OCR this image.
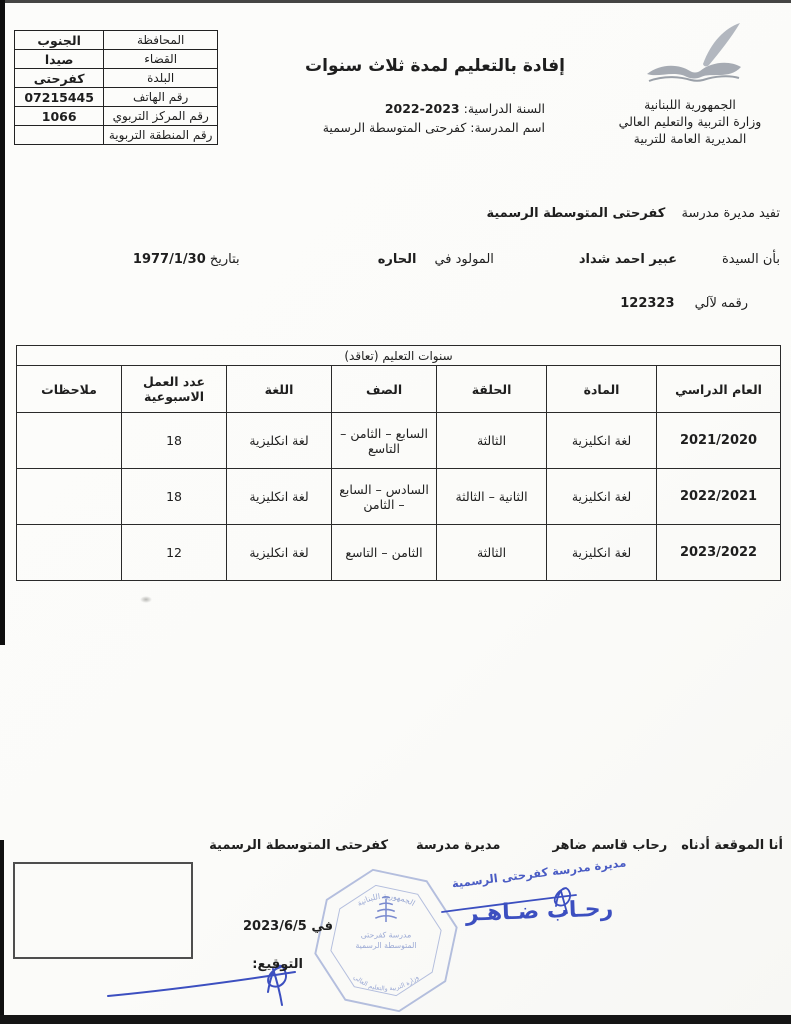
المحافظة	الجنوب
القضاء	صيدا
البلدة	كفرحتى
رقم الهاتف	07215445
رقم المركز التربوي	1066
رقم المنطقة التربوية	
إفادة بالتعليم لمدة ثلاث سنوات
السنة الدراسية: 2023-2022
اسم المدرسة: كفرحتى المتوسطة الرسمية
الجمهورية اللبنانية
وزارة التربية والتعليم العالي
المديرية العامة للتربية
تفيد مديرة مدرسة كفرحتى المتوسطة الرسمية
بأن السيدة
عبير احمد شداد
المولود في
الحاره
بتاريخ 1977/1/30
رقمه لآلي 122323
سنوات التعليم (تعاقد)						
العام الدراسي	المادة	الحلقة	الصف	اللغة	عدد العمل الاسبوعية	ملاحظات
2021/2020	لغة انكليزية	الثالثة	السابع – الثامن – التاسع	لغة انكليزية	18	
2022/2021	لغة انكليزية	الثانية – الثالثة	السادس – السابع – الثامن	لغة انكليزية	18	
2023/2022	لغة انكليزية	الثالثة	الثامن – التاسع	لغة انكليزية	12	
أنا الموقعة أدناه
رحاب قاسم ضاهر
مديرة مدرسة
كفرحتى المتوسطة الرسمية
في 2023/6/5
التوقيع:
الجمهورية اللبنانية
وزارة التربية والتعليم العالي
مدرسة كفرحتى
المتوسطة الرسمية
مديرة مدرسة كفرحتى الرسمية
رحـاب ضـاهـر
